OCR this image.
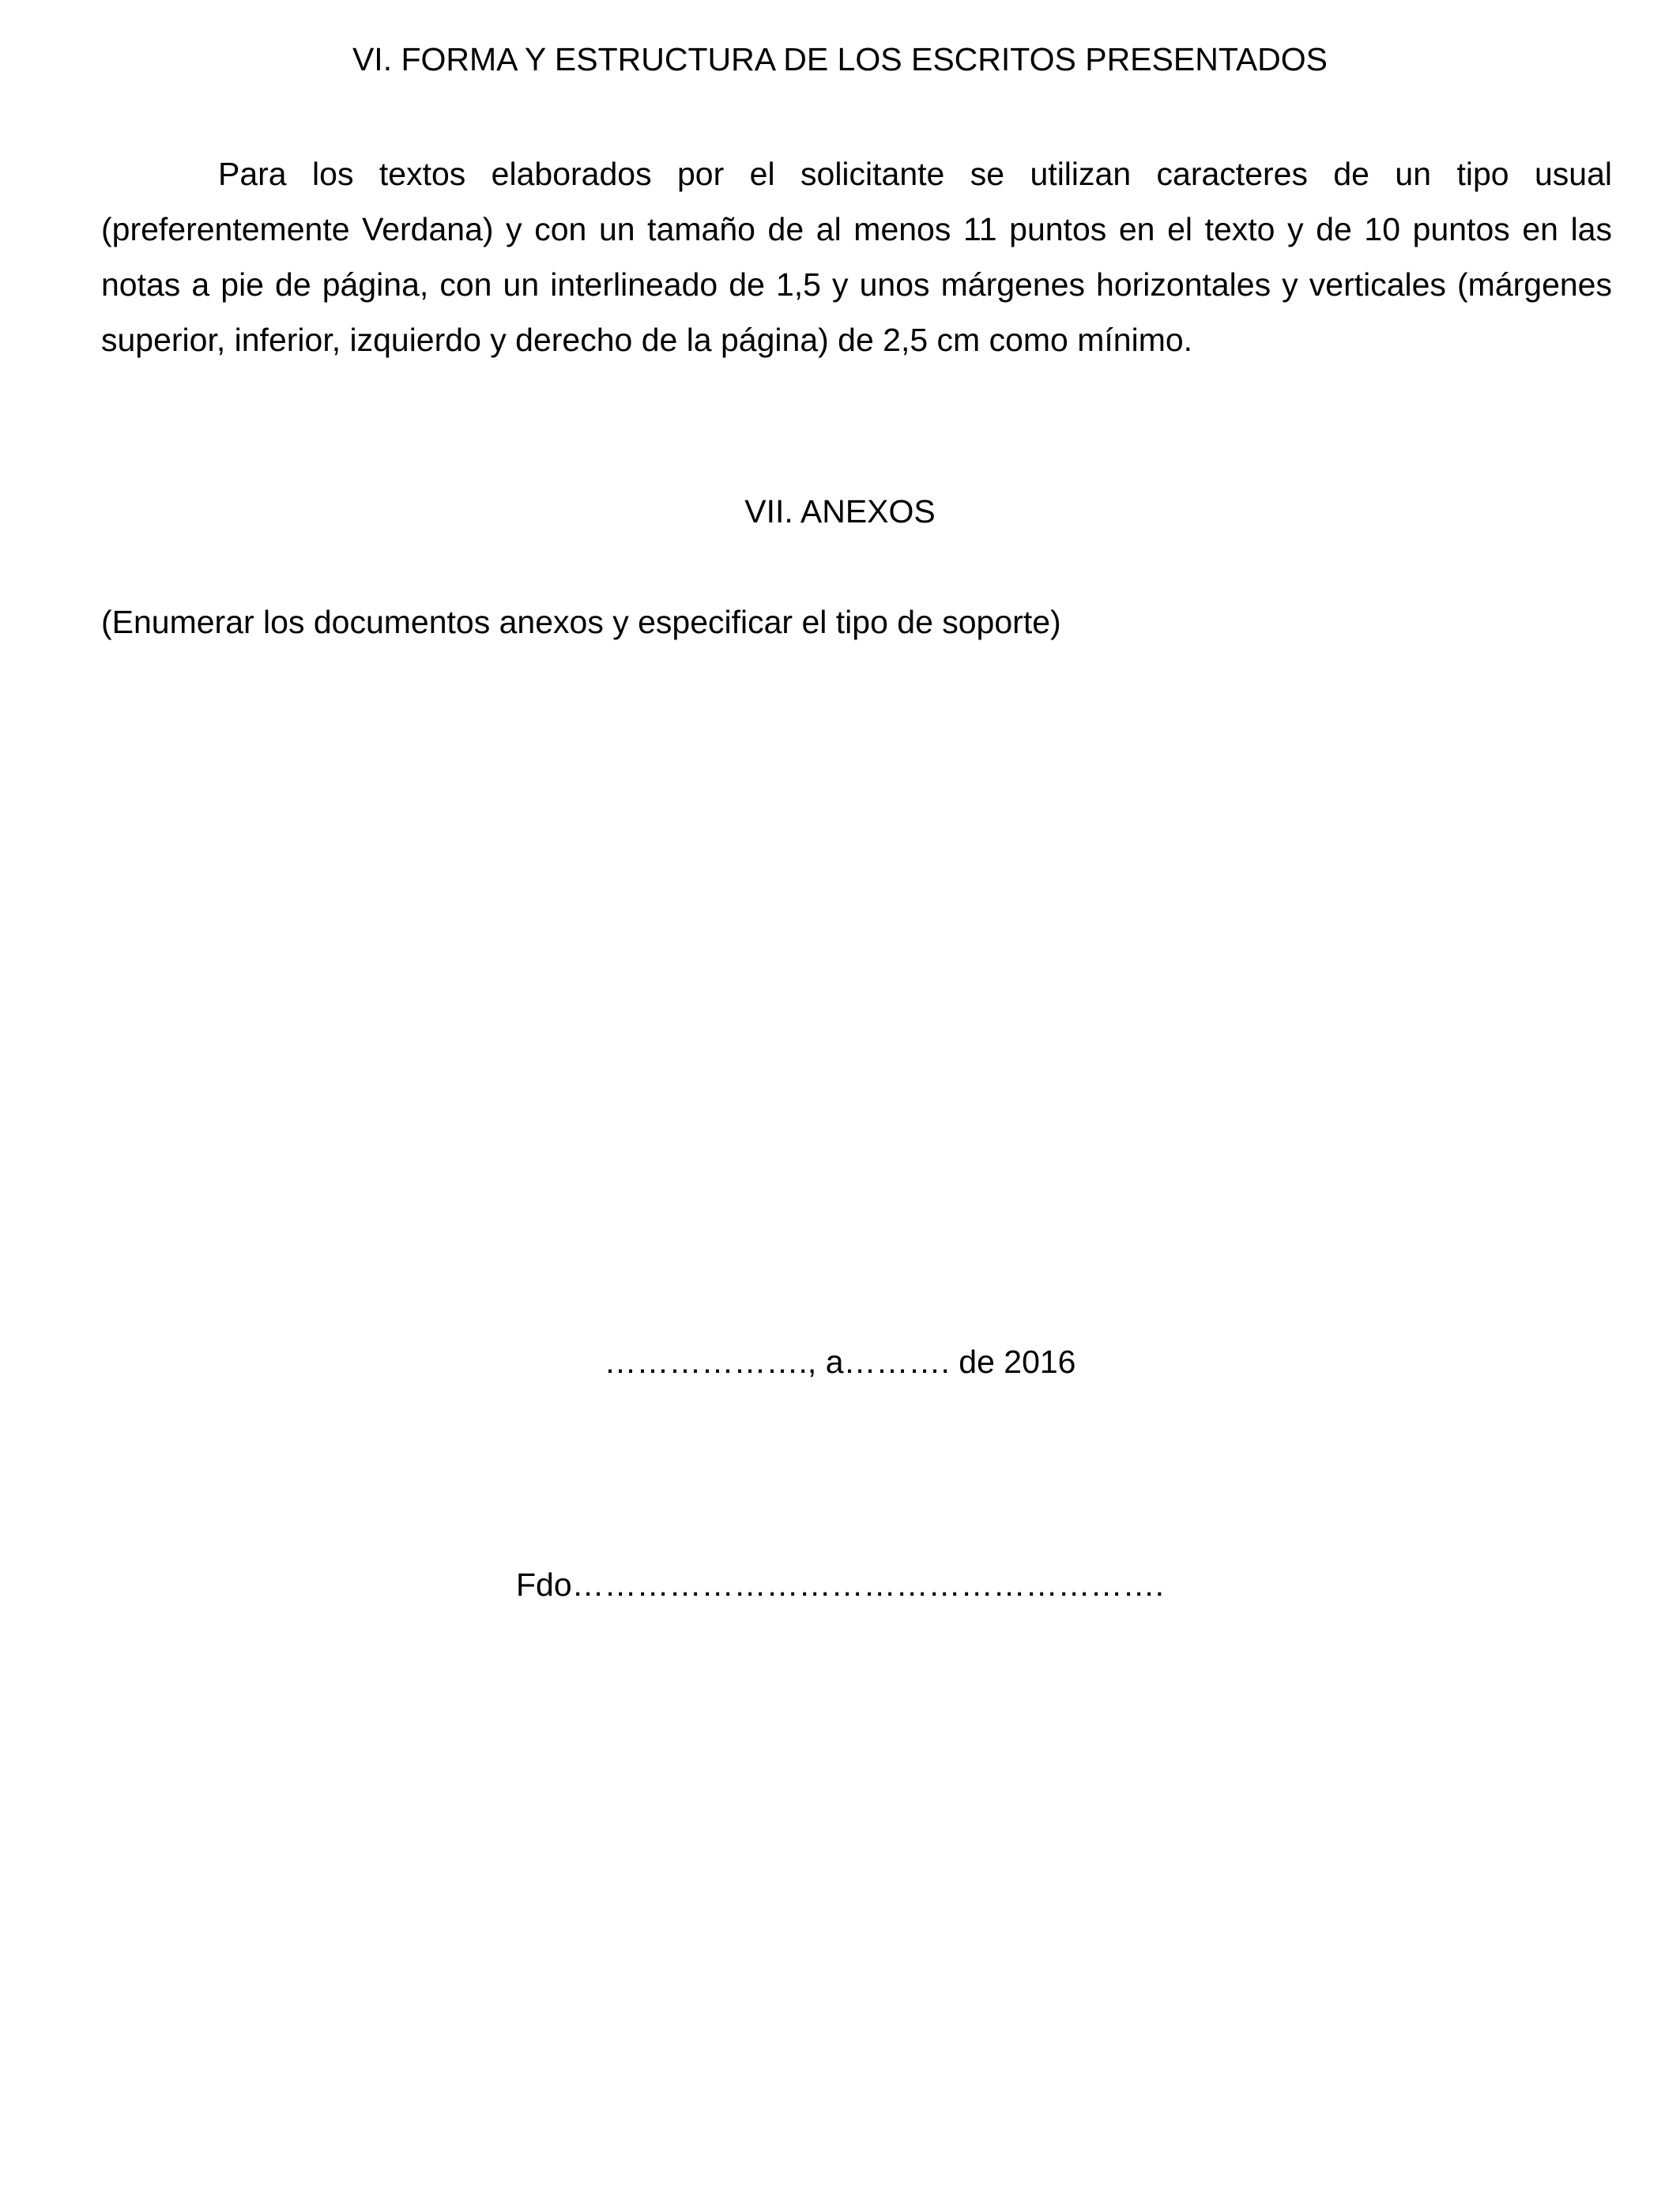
VI. FORMA Y ESTRUCTURA DE LOS ESCRITOS PRESENTADOS
Para los textos elaborados por el solicitante se utilizan caracteres de un tipo usual (preferentemente Verdana) y con un tamaño de al menos 11 puntos en el texto y de 10 puntos en las notas a pie de página, con un interlineado de 1,5 y unos márgenes horizontales y verticales (márgenes superior, inferior, izquierdo y derecho de la página) de 2,5 cm como mínimo.
VII. ANEXOS
(Enumerar los documentos anexos y especificar el tipo de soporte)
………………., a………. de 2016
Fdo……………………………………………….
